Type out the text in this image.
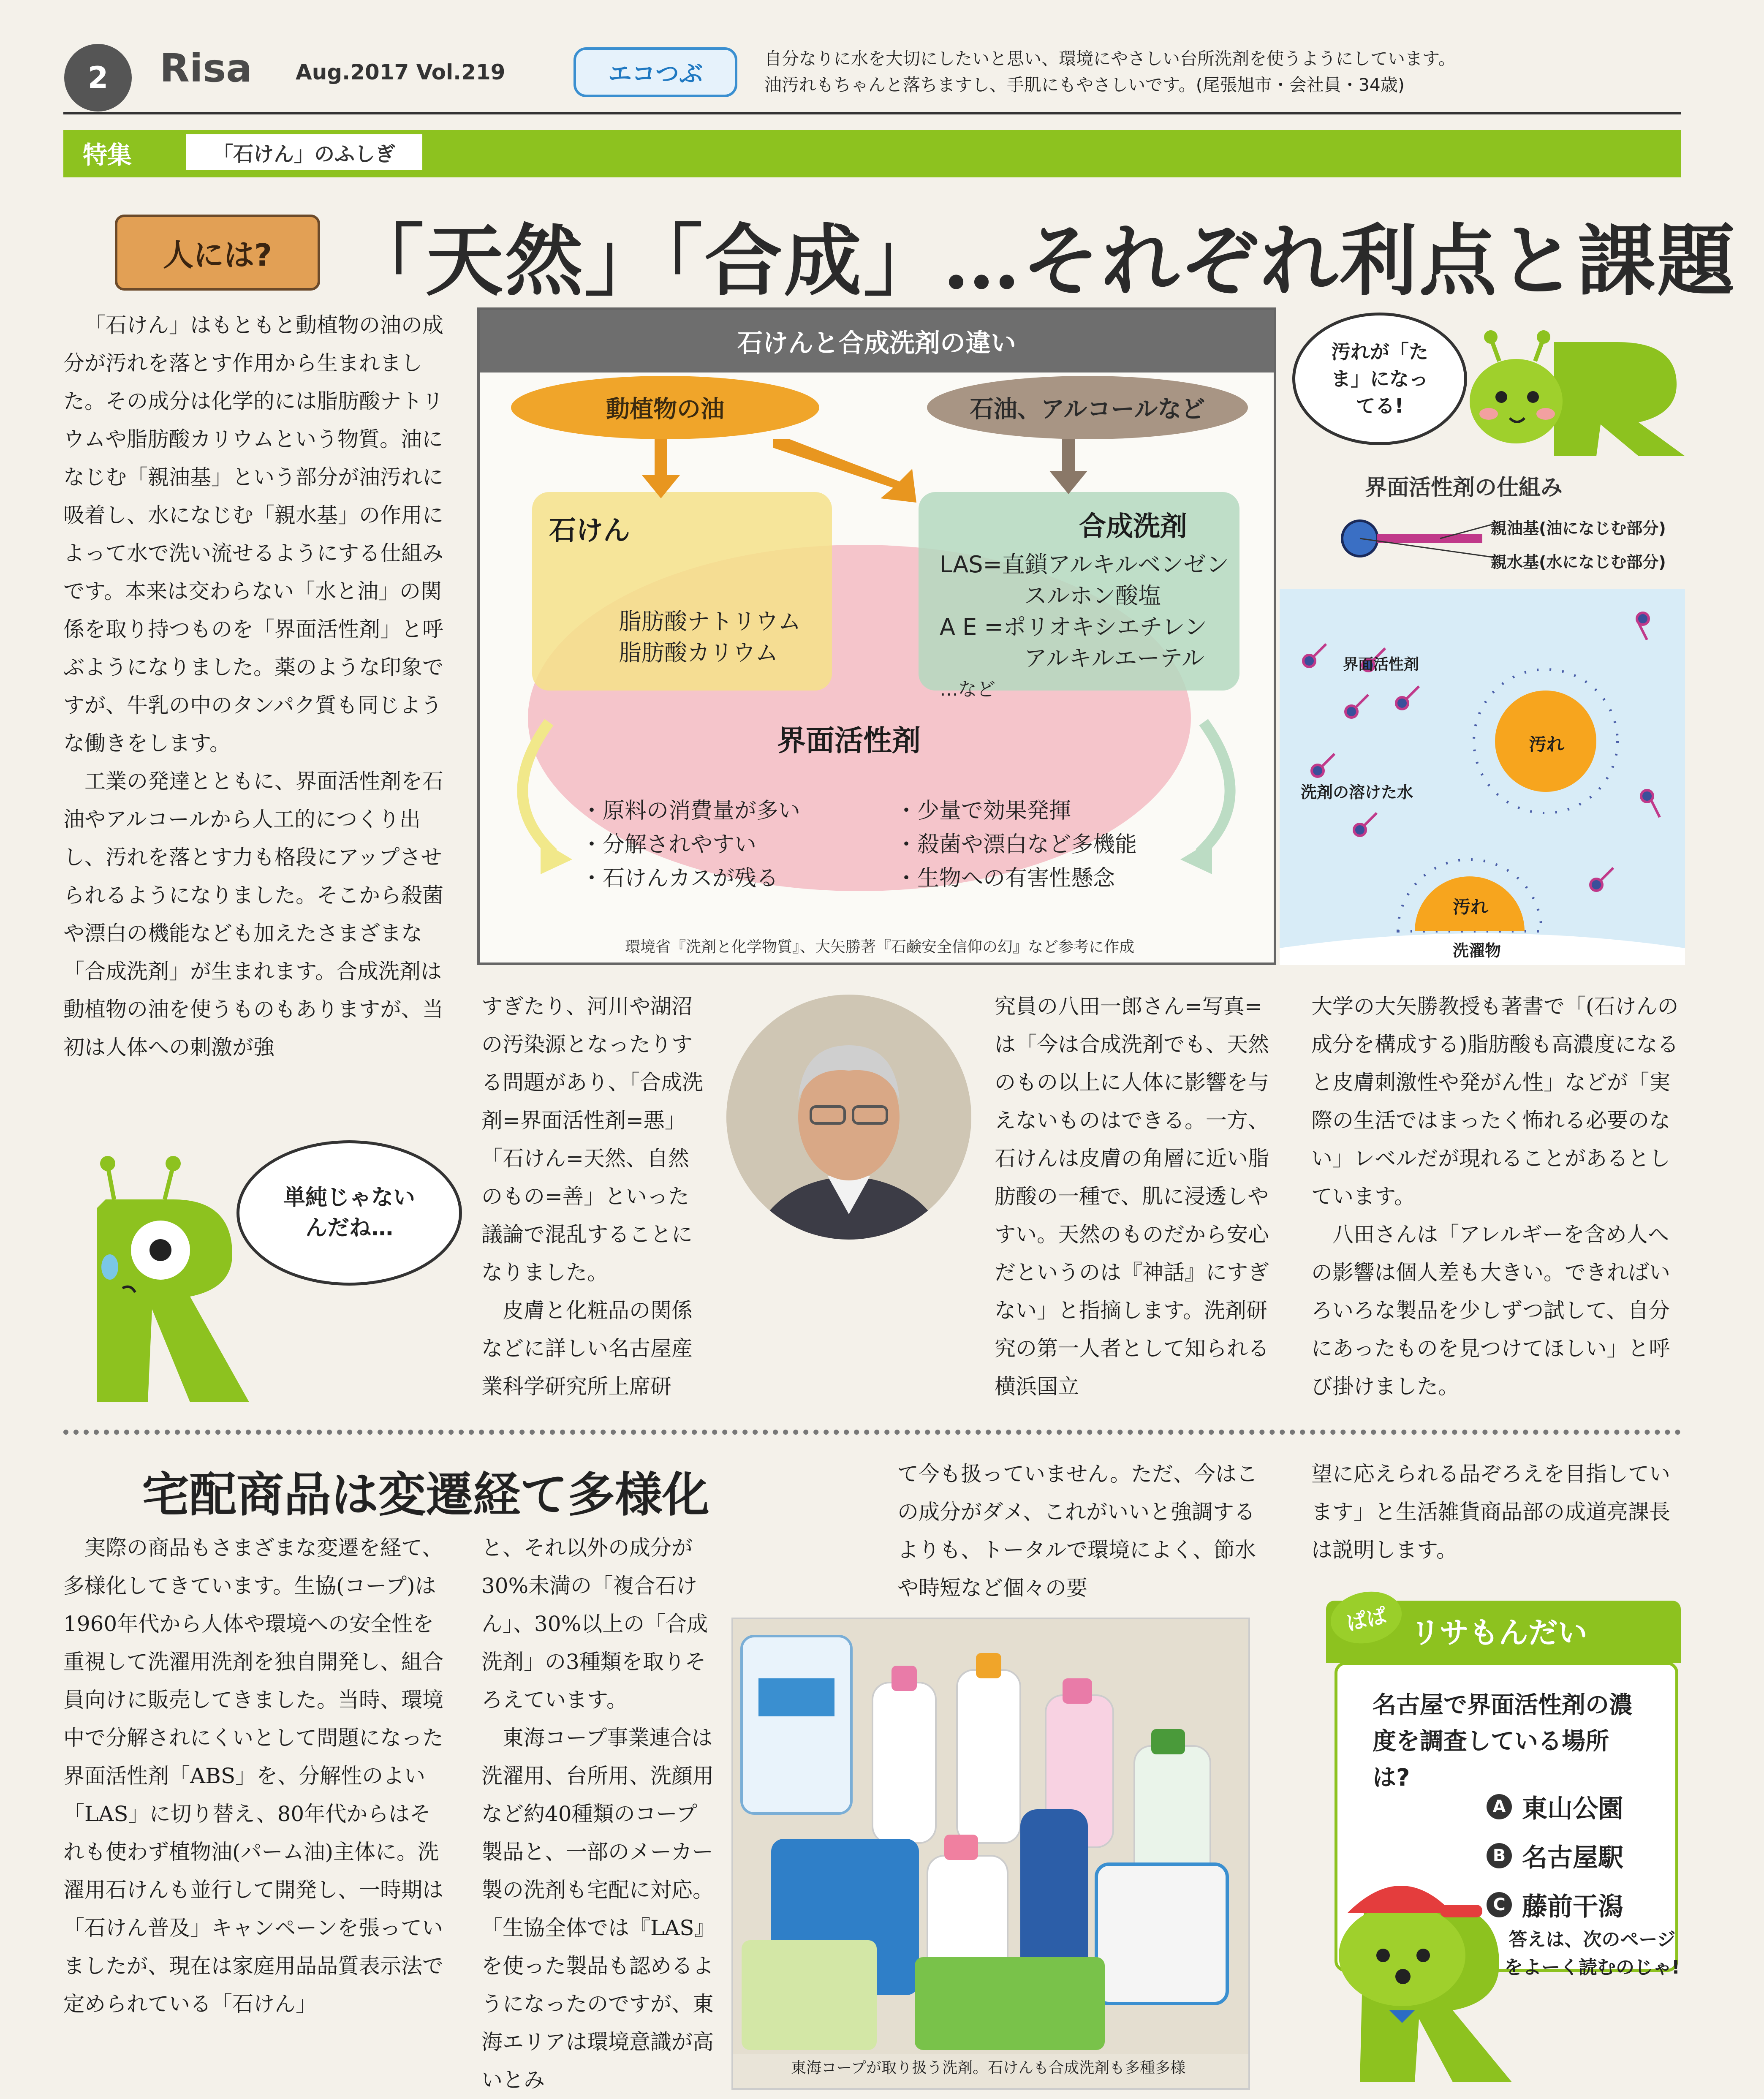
2	Risa Aug.2017 Vol.219	エコつぶ
自分なりに水を大切にしたいと思い、環境にやさしい台所洗剤を使うようにしています。
油汚れもちゃんと落ちますし、手肌にもやさしいです。(尾張旭市・会社員・34歳)
特集	「石けん」のふしぎ
人には? 「天然」「合成」…それぞれ利点と課題

「石けん」はもともと動植物の油の成分が汚れを落とす作用から生まれました。その成分は化学的には脂肪酸ナトリウムや脂肪酸カリウムという物質。油になじむ「親油基」という部分が油汚れに吸着し、水になじむ「親水基」の作用によって水で洗い流せるようにする仕組みです。本来は交わらない「水と油」の関係を取り持つものを「界面活性剤」と呼ぶようになりました。薬のような印象ですが、牛乳の中のタンパク質も同じような働きをします。

工業の発達とともに、界面活性剤を石油やアルコールから人工的につくり出し、汚れを落とす力も格段にアップさせられるようになりました。そこから殺菌や漂白の機能なども加えたさまざまな「合成洗剤」が生まれます。合成洗剤は動植物の油を使うものもありますが、当初は人体への刺激が強

石けんと合成洗剤の違い
動植物の油	石油、アルコールなど
石けん
脂肪酸ナトリウム
脂肪酸カリウム
合成洗剤
LAS=直鎖アルキルベンゼン
スルホン酸塩
A E =ポリオキシエチレン
アルキルエーテル
…など
界面活性剤
・原料の消費量が多い
・分解されやすい
・石けんカスが残る
・少量で効果発揮
・殺菌や漂白など多機能
・生物への有害性懸念
環境省『洗剤と化学物質』、大矢勝著『石鹸安全信仰の幻』など参考に作成
汚れが「たま」になってる!
界面活性剤の仕組み
親油基(油になじむ部分)
親水基(水になじむ部分)
界面活性剤
洗剤の溶けた水
汚れ
汚れ
洗濯物

すぎたり、河川や湖沼の汚染源となったりする問題があり、「合成洗剤=界面活性剤=悪」「石けん=天然、自然のもの=善」といった議論で混乱することになりました。

皮膚と化粧品の関係などに詳しい名古屋産業科学研究所上席研

究員の八田一郎さん=写真=は「今は合成洗剤でも、天然のもの以上に人体に影響を与えないものはできる。一方、石けんは皮膚の角層に近い脂肪酸の一種で、肌に浸透しやすい。天然のものだから安心だというのは『神話』にすぎない」と指摘します。洗剤研究の第一人者として知られる横浜国立

大学の大矢勝教授も著書で「(石けんの成分を構成する)脂肪酸も高濃度になると皮膚刺激性や発がん性」などが「実際の生活ではまったく怖れる必要のない」レベルだが現れることがあるとしています。

八田さんは「アレルギーを含め人への影響は個人差も大きい。できればいろいろな製品を少しずつ試して、自分にあったものを見つけてほしい」と呼び掛けました。

単純じゃないんだね…
宅配商品は変遷経て多様化

実際の商品もさまざまな変遷を経て、多様化してきています。生協(コープ)は1960年代から人体や環境への安全性を重視して洗濯用洗剤を独自開発し、組合員向けに販売してきました。当時、環境中で分解されにくいとして問題になった界面活性剤「ABS」を、分解性のよい「LAS」に切り替え、80年代からはそれも使わず植物油(パーム油)主体に。洗濯用石けんも並行して開発し、一時期は「石けん普及」キャンペーンを張っていましたが、現在は家庭用品品質表示法で定められている「石けん」

と、それ以外の成分が30%未満の「複合石けん」、30%以上の「合成洗剤」の3種類を取りそろえています。

東海コープ事業連合は洗濯用、台所用、洗顔用など約40種類のコープ製品と、一部のメーカー製の洗剤も宅配に対応。「生協全体では『LAS』を使った製品も認めるようになったのですが、東海エリアは環境意識が高いとみ

て今も扱っていません。ただ、今はこの成分がダメ、これがいいと強調するよりも、トータルで環境によく、節水や時短など個々の要

望に応えられる品ぞろえを目指しています」と生活雑貨商品部の成道亮課長は説明します。

東海コープが取り扱う洗剤。石けんも合成洗剤も多種多様
ぱぱ リサもんだい
名古屋で界面活性剤の濃度を調査している場所は?
A 東山公園
B 名古屋駅
C 藤前干潟
答えは、次のページをよーく読むのじゃ!
